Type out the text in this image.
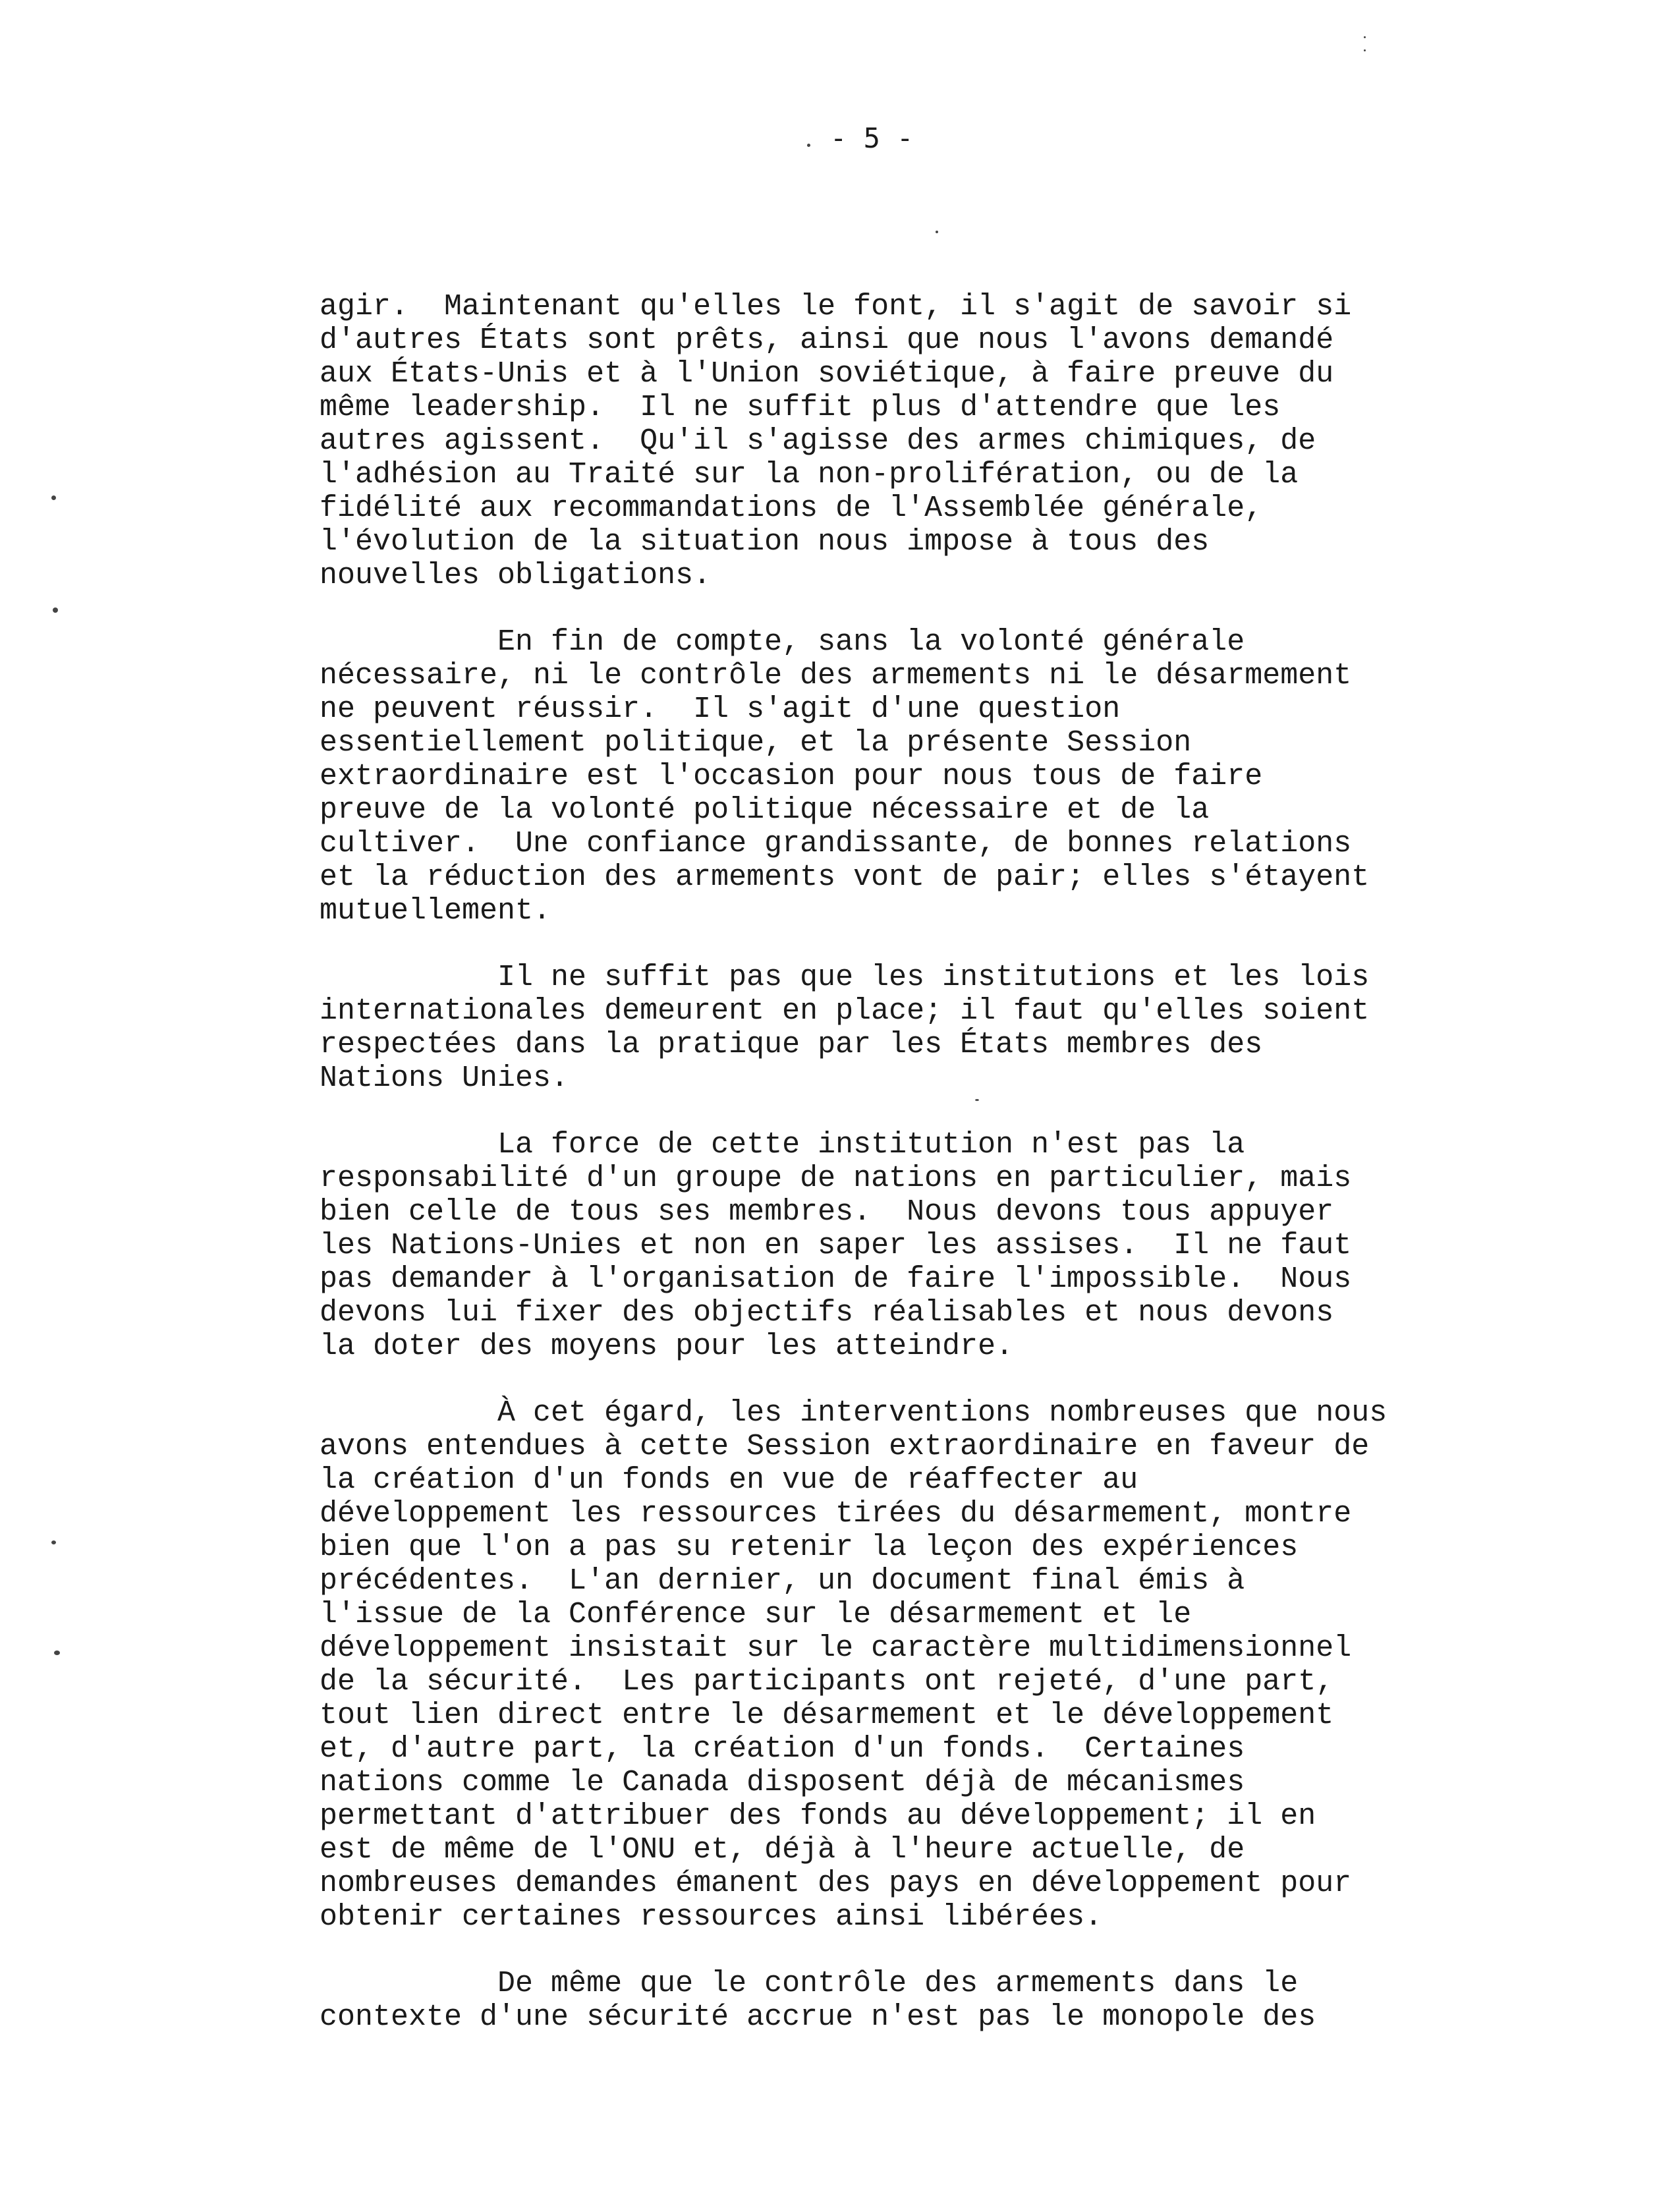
- 5 -
agir.  Maintenant qu'elles le font, il s'agit de savoir si
d'autres États sont prêts, ainsi que nous l'avons demandé
aux États-Unis et à l'Union soviétique, à faire preuve du
même leadership.  Il ne suffit plus d'attendre que les
autres agissent.  Qu'il s'agisse des armes chimiques, de
l'adhésion au Traité sur la non-prolifération, ou de la
fidélité aux recommandations de l'Assemblée générale,
l'évolution de la situation nous impose à tous des
nouvelles obligations.
En fin de compte, sans la volonté générale
nécessaire, ni le contrôle des armements ni le désarmement
ne peuvent réussir.  Il s'agit d'une question
essentiellement politique, et la présente Session
extraordinaire est l'occasion pour nous tous de faire
preuve de la volonté politique nécessaire et de la
cultiver.  Une confiance grandissante, de bonnes relations
et la réduction des armements vont de pair; elles s'étayent
mutuellement.
Il ne suffit pas que les institutions et les lois
internationales demeurent en place; il faut qu'elles soient
respectées dans la pratique par les États membres des
Nations Unies.
La force de cette institution n'est pas la
responsabilité d'un groupe de nations en particulier, mais
bien celle de tous ses membres.  Nous devons tous appuyer
les Nations-Unies et non en saper les assises.  Il ne faut
pas demander à l'organisation de faire l'impossible.  Nous
devons lui fixer des objectifs réalisables et nous devons
la doter des moyens pour les atteindre.
À cet égard, les interventions nombreuses que nous
avons entendues à cette Session extraordinaire en faveur de
la création d'un fonds en vue de réaffecter au
développement les ressources tirées du désarmement, montre
bien que l'on a pas su retenir la leçon des expériences
précédentes.  L'an dernier, un document final émis à
l'issue de la Conférence sur le désarmement et le
développement insistait sur le caractère multidimensionnel
de la sécurité.  Les participants ont rejeté, d'une part,
tout lien direct entre le désarmement et le développement
et, d'autre part, la création d'un fonds.  Certaines
nations comme le Canada disposent déjà de mécanismes
permettant d'attribuer des fonds au développement; il en
est de même de l'ONU et, déjà à l'heure actuelle, de
nombreuses demandes émanent des pays en développement pour
obtenir certaines ressources ainsi libérées.
De même que le contrôle des armements dans le
contexte d'une sécurité accrue n'est pas le monopole des
